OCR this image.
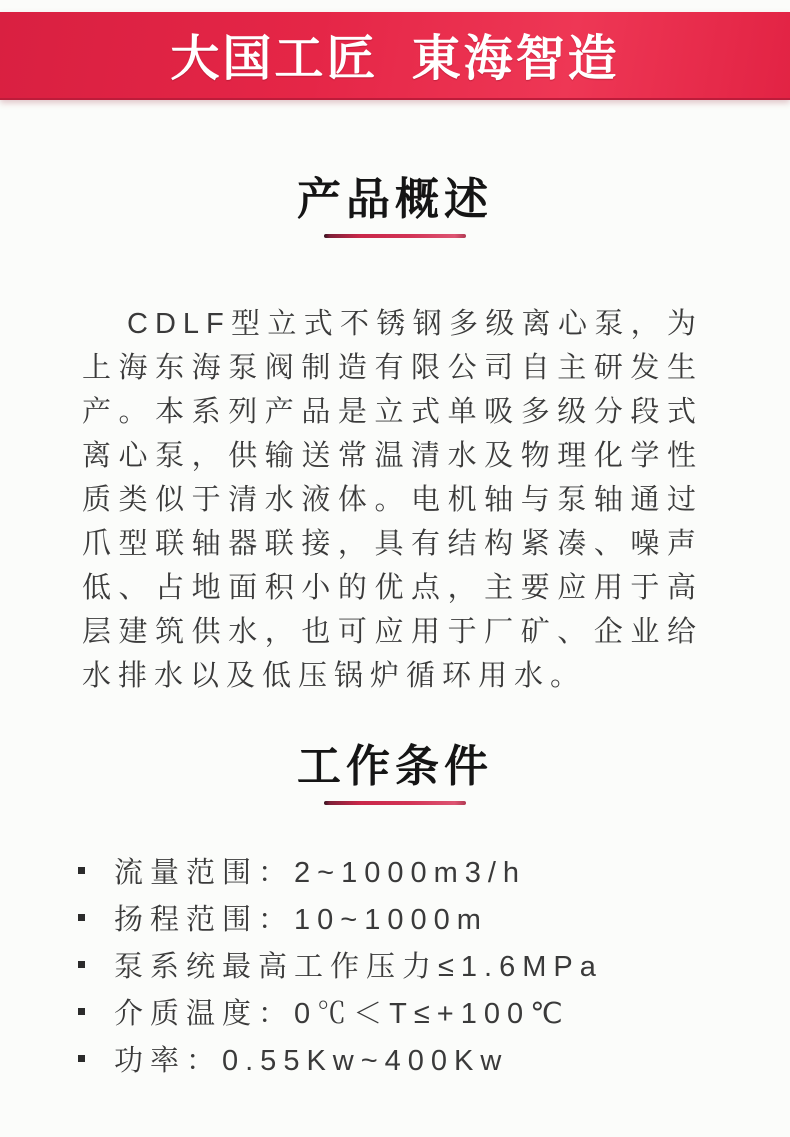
大国工匠  東海智造
产品概述

CDLF型立式不锈钢多级离心泵，为上海东海泵阀制造有限公司自主研发生产。本系列产品是立式单吸多级分段式离心泵，供输送常温清水及物理化学性质类似于清水液体。电机轴与泵轴通过爪型联轴器联接，具有结构紧凑、噪声低、占地面积小的优点，主要应用于高层建筑供水，也可应用于厂矿、企业给水排水以及低压锅炉循环用水。

工作条件
流量范围：2~1000m3/h
扬程范围：10~1000m
泵系统最高工作压力≤1.6MPa
介质温度：0℃＜T≤+100℃
功率：0.55Kw~400Kw
